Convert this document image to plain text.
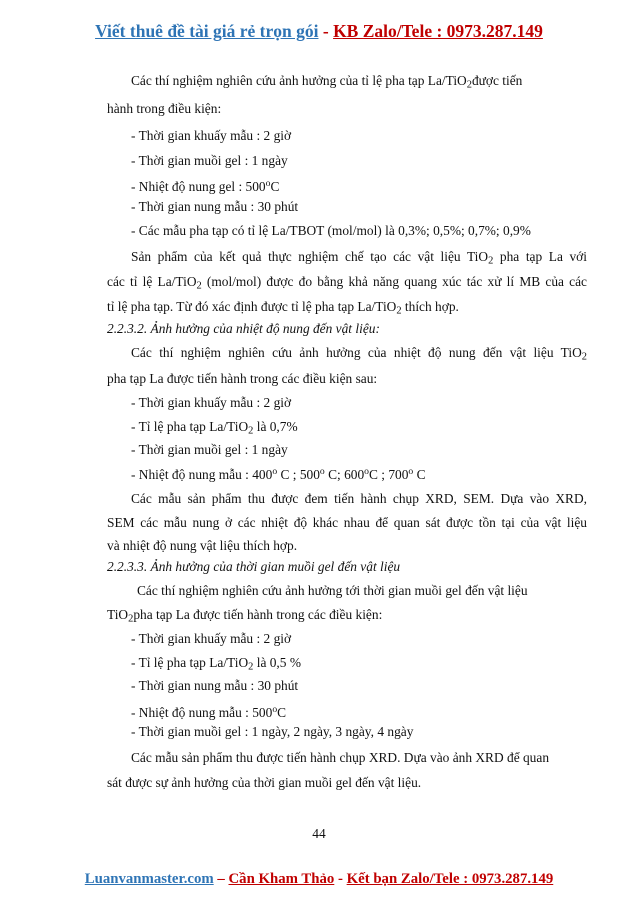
Viết thuê đề tài giá rẻ trọn gói - KB Zalo/Tele : 0973.287.149
Các thí nghiệm nghiên cứu ảnh hưởng của tỉ lệ pha tạp La/TiO$_2$được tiến
hành trong điều kiện:
- Thời gian khuấy mẫu : 2 giờ
- Thời gian muồi gel : 1 ngày
- Nhiệt độ nung gel : 500$^o$C
- Thời gian nung mẫu : 30 phút
- Các mẫu pha tạp có tỉ lệ La/TBOT (mol/mol) là 0,3%; 0,5%; 0,7%; 0,9%
Sản phẩm của kết quả thực nghiệm chế tạo các vật liệu TiO$_2$ pha tạp La với
các tỉ lệ La/TiO$_2$ (mol/mol) được đo bằng khả năng quang xúc tác xử lí MB của các
tỉ lệ pha tạp. Từ đó xác định được tỉ lệ pha tạp La/TiO$_2$ thích hợp.
2.2.3.2. Ảnh hưởng của nhiệt độ nung đến vật liệu:
Các thí nghiệm nghiên cứu ảnh hưởng của nhiệt độ nung đến vật liệu TiO$_2$
pha tạp La được tiến hành trong các điều kiện sau:
- Thời gian khuấy mẫu : 2 giờ
- Tỉ lệ pha tạp La/TiO$_2$ là 0,7%
- Thời gian muồi gel : 1 ngày
- Nhiệt độ nung mẫu : 400$^o$ C ; 500$^o$ C; 600$^o$C ; 700$^o$ C
Các mẫu sản phẩm thu được đem tiến hành chụp XRD, SEM. Dựa vào XRD,
SEM các mẫu nung ở các nhiệt độ khác nhau để quan sát được tồn tại của vật liệu
và nhiệt độ nung vật liệu thích hợp.
2.2.3.3. Ảnh hưởng của thời gian muồi gel đến vật liệu
Các thí nghiệm nghiên cứu ảnh hưởng tới thời gian muồi gel đến vật liệu
TiO$_2$pha tạp La được tiến hành trong các điều kiện:
- Thời gian khuấy mẫu : 2 giờ
- Tỉ lệ pha tạp La/TiO$_2$ là 0,5 %
- Thời gian nung mẫu : 30 phút
- Nhiệt độ nung mẫu : 500$^o$C
- Thời gian muồi gel : 1 ngày, 2 ngày, 3 ngày, 4 ngày
Các mẫu sản phẩm thu được tiến hành chụp XRD. Dựa vào ảnh XRD để quan
sát được sự ảnh hưởng của thời gian muồi gel đến vật liệu.
44
Luanvanmaster.com – Cần Kham Thảo - Kết bạn Zalo/Tele : 0973.287.149
